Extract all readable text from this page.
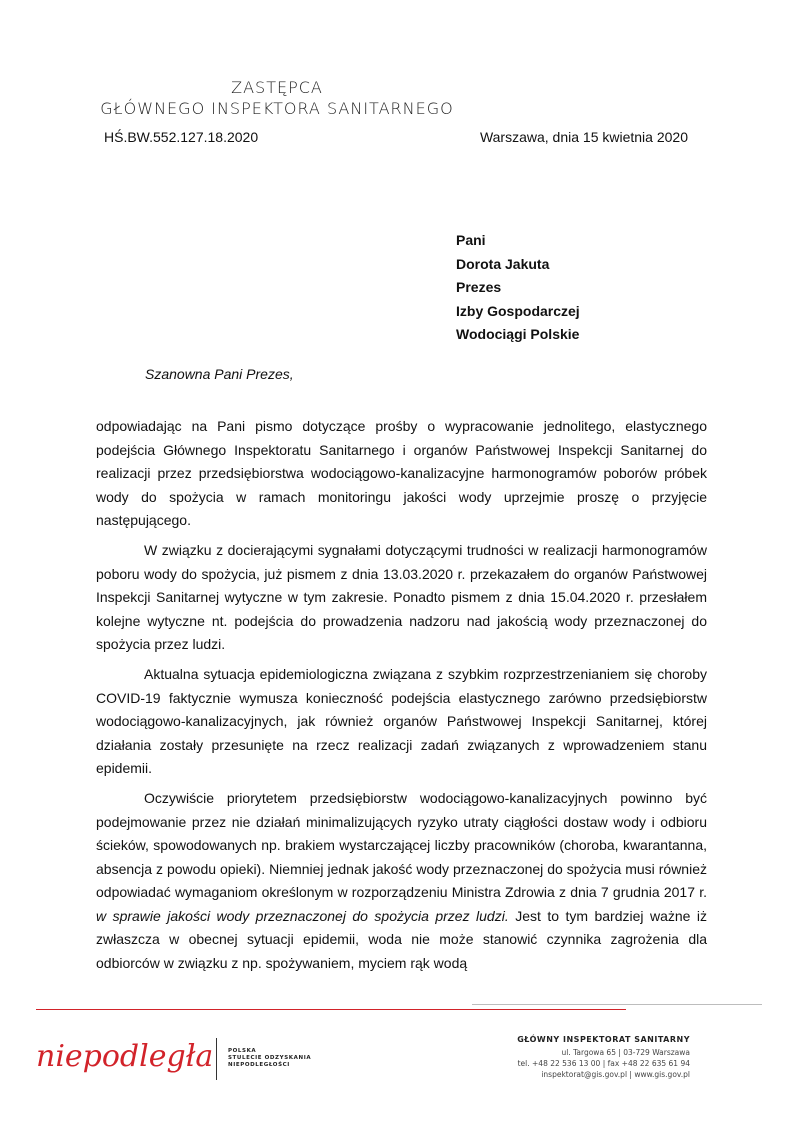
ZASTĘPCA
GŁÓWNEGO INSPEKTORA SANITARNEGO
HŚ.BW.552.127.18.2020	Warszawa, dnia 15 kwietnia 2020
Pani
Dorota Jakuta
Prezes
Izby Gospodarczej
Wodociągi Polskie
Szanowna Pani Prezes,

odpowiadając na Pani pismo dotyczące prośby o wypracowanie jednolitego, elastycznego podejścia Głównego Inspektoratu Sanitarnego i organów Państwowej Inspekcji Sanitarnej do realizacji przez przedsiębiorstwa wodociągowo-kanalizacyjne harmonogramów poborów próbek wody do spożycia w ramach monitoringu jakości wody uprzejmie proszę o przyjęcie następującego.

W związku z docierającymi sygnałami dotyczącymi trudności w realizacji harmonogramów poboru wody do spożycia, już pismem z dnia 13.03.2020 r. przekazałem do organów Państwowej Inspekcji Sanitarnej wytyczne w tym zakresie. Ponadto pismem z dnia 15.04.2020 r. przesłałem kolejne wytyczne nt. podejścia do prowadzenia nadzoru nad jakością wody przeznaczonej do spożycia przez ludzi.

Aktualna sytuacja epidemiologiczna związana z szybkim rozprzestrzenianiem się choroby COVID-19 faktycznie wymusza konieczność podejścia elastycznego zarówno przedsiębiorstw wodociągowo-kanalizacyjnych, jak również organów Państwowej Inspekcji Sanitarnej, której działania zostały przesunięte na rzecz realizacji zadań związanych z wprowadzeniem stanu epidemii.

Oczywiście priorytetem przedsiębiorstw wodociągowo-kanalizacyjnych powinno być podejmowanie przez nie działań minimalizujących ryzyko utraty ciągłości dostaw wody i odbioru ścieków, spowodowanych np. brakiem wystarczającej liczby pracowników (choroba, kwarantanna, absencja z powodu opieki). Niemniej jednak jakość wody przeznaczonej do spożycia musi również odpowiadać wymaganiom określonym w rozporządzeniu Ministra Zdrowia z dnia 7 grudnia 2017 r. w sprawie jakości wody przeznaczonej do spożycia przez ludzi. Jest to tym bardziej ważne iż zwłaszcza w obecnej sytuacji epidemii, woda nie może stanowić czynnika zagrożenia dla odbiorców w związku z np. spożywaniem, myciem rąk wodą

niepodległa	POLSKA
STULECIE ODZYSKANIA
NIEPODLEGŁOŚCI
GŁÓWNY INSPEKTORAT SANITARNY
ul. Targowa 65 | 03-729 Warszawa
tel. +48 22 536 13 00 | fax +48 22 635 61 94
inspektorat@gis.gov.pl | www.gis.gov.pl
